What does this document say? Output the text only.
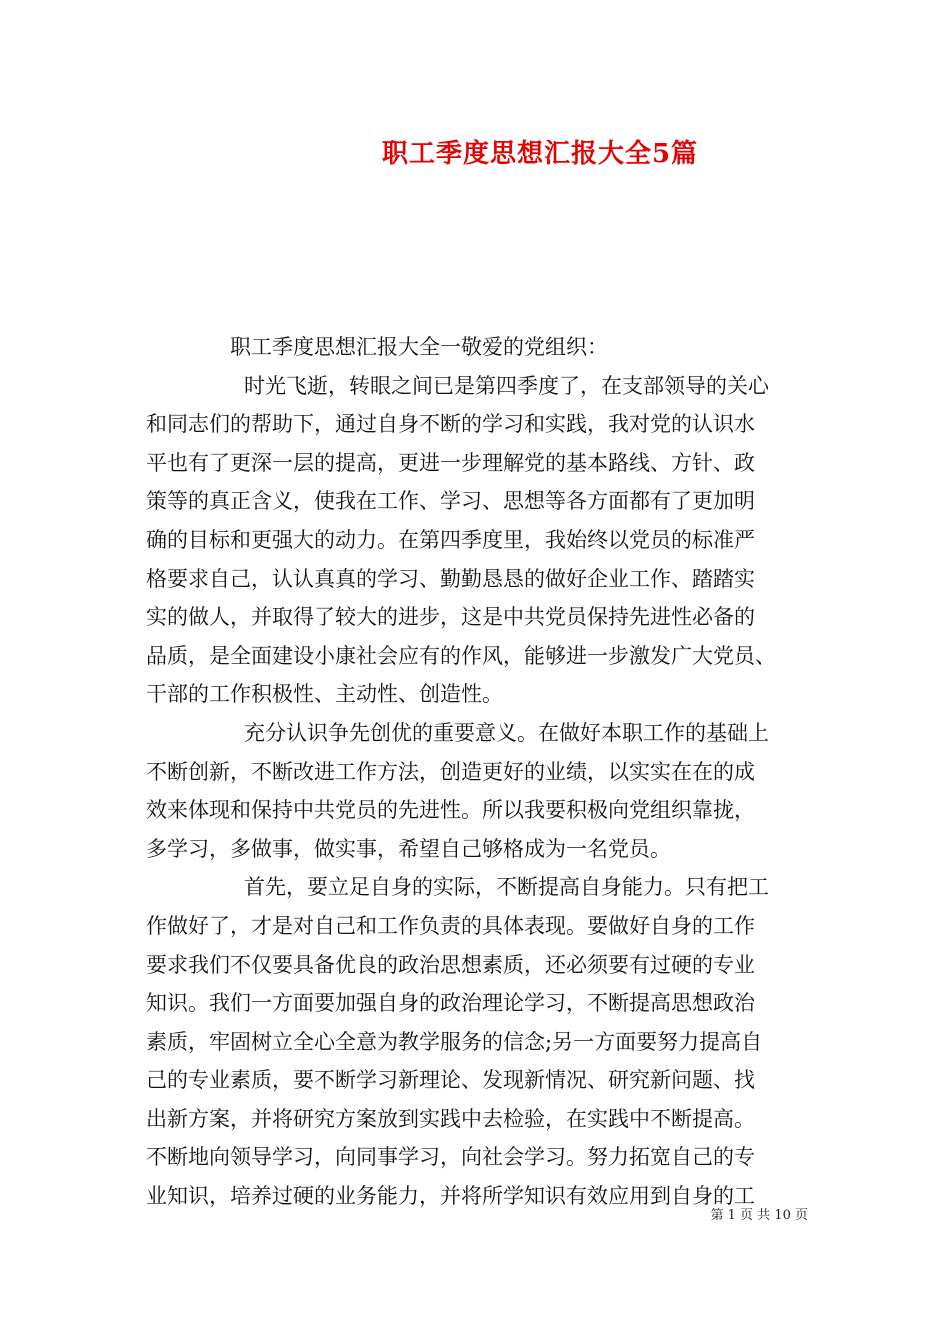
职工季度思想汇报大全5篇
职工季度思想汇报大全一敬爱的党组织：
时光飞逝，转眼之间已是第四季度了，在支部领导的关心
和同志们的帮助下，通过自身不断的学习和实践，我对党的认识水
平也有了更深一层的提高，更进一步理解党的基本路线、方针、政
策等的真正含义，使我在工作、学习、思想等各方面都有了更加明
确的目标和更强大的动力。在第四季度里，我始终以党员的标准严
格要求自己，认认真真的学习、勤勤恳恳的做好企业工作、踏踏实
实的做人，并取得了较大的进步，这是中共党员保持先进性必备的
品质，是全面建设小康社会应有的作风，能够进一步激发广大党员、
干部的工作积极性、主动性、创造性。
充分认识争先创优的重要意义。在做好本职工作的基础上
不断创新，不断改进工作方法，创造更好的业绩，以实实在在的成
效来体现和保持中共党员的先进性。所以我要积极向党组织靠拢，
多学习，多做事，做实事，希望自己够格成为一名党员。
首先，要立足自身的实际，不断提高自身能力。只有把工
作做好了，才是对自己和工作负责的具体表现。要做好自身的工作
要求我们不仅要具备优良的政治思想素质，还必须要有过硬的专业
知识。我们一方面要加强自身的政治理论学习，不断提高思想政治
素质，牢固树立全心全意为教学服务的信念;另一方面要努力提高自
己的专业素质，要不断学习新理论、发现新情况、研究新问题、找
出新方案，并将研究方案放到实践中去检验，在实践中不断提高。
不断地向领导学习，向同事学习，向社会学习。努力拓宽自己的专
业知识，培养过硬的业务能力，并将所学知识有效应用到自身的工
第 1 页 共 10 页
